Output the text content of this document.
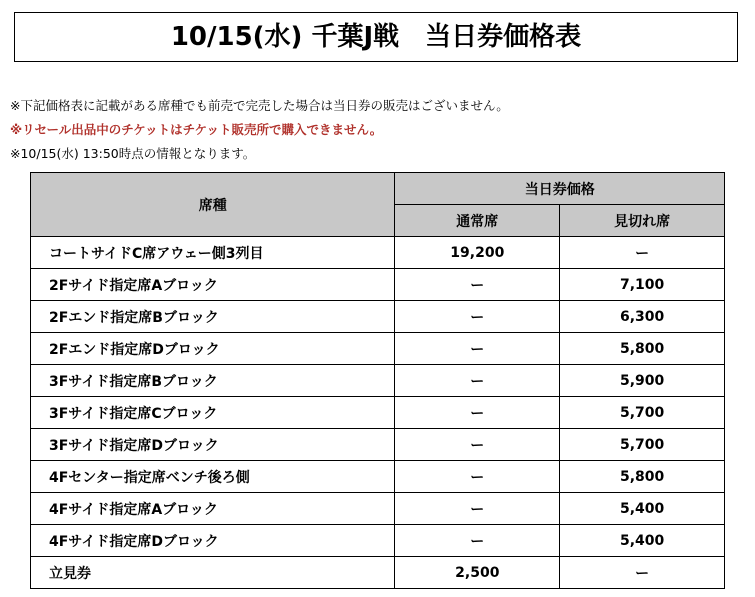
10/15(水) 千葉J戦　当日券価格表
※下記価格表に記載がある席種でも前売で完売した場合は当日券の販売はございません。
※リセール出品中のチケットはチケット販売所で購入できません。
※10/15(水) 13:50時点の情報となります。
席種	当日券価格	
	通常席	見切れ席
コートサイドC席アウェー側3列目	19,200	ー
2Fサイド指定席Aブロック	ー	7,100
2Fエンド指定席Bブロック	ー	6,300
2Fエンド指定席Dブロック	ー	5,800
3Fサイド指定席Bブロック	ー	5,900
3Fサイド指定席Cブロック	ー	5,700
3Fサイド指定席Dブロック	ー	5,700
4Fセンター指定席ベンチ後ろ側	ー	5,800
4Fサイド指定席Aブロック	ー	5,400
4Fサイド指定席Dブロック	ー	5,400
立見券	2,500	ー
